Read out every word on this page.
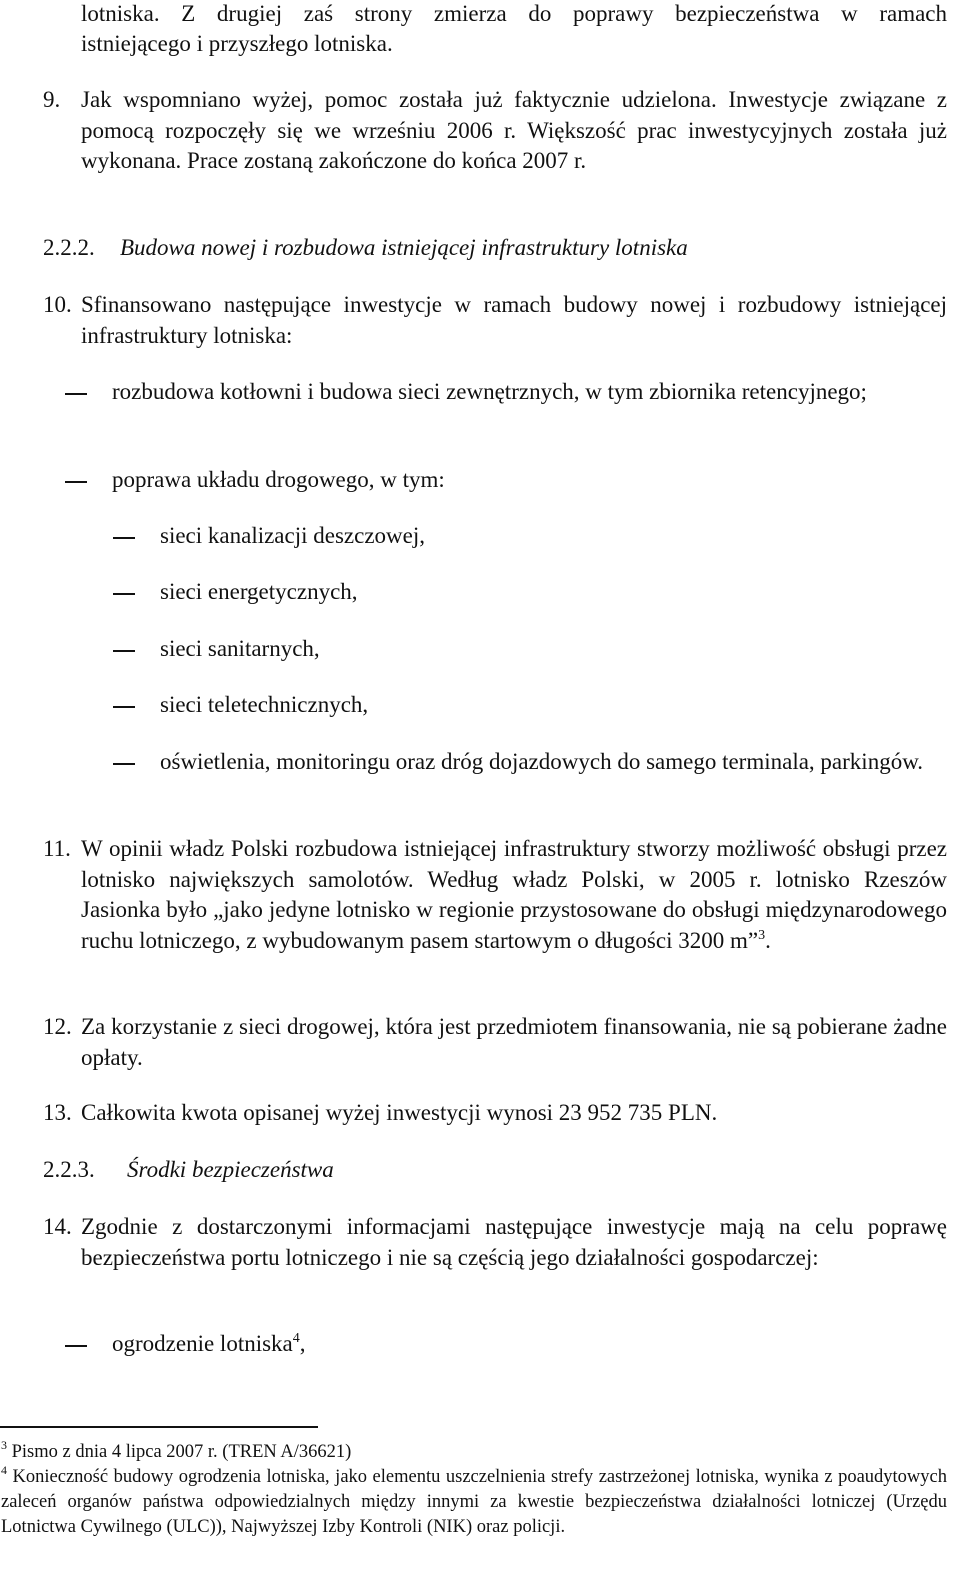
lotniska. Z drugiej zaś strony zmierza do poprawy bezpieczeństwa w ramach
istniejącego i przyszłego lotniska.
9. Jak wspomniano wyżej, pomoc została już faktycznie udzielona. Inwestycje związane z pomocą rozpoczęły się we wrześniu 2006 r. Większość prac inwestycyjnych została już wykonana. Prace zostaną zakończone do końca 2007 r.
2.2.2. Budowa nowej i rozbudowa istniejącej infrastruktury lotniska
10. Sfinansowano następujące inwestycje w ramach budowy nowej i rozbudowy istniejącej infrastruktury lotniska:
rozbudowa kotłowni i budowa sieci zewnętrznych, w tym zbiornika retencyjnego;
poprawa układu drogowego, w tym:
sieci kanalizacji deszczowej,
sieci energetycznych,
sieci sanitarnych,
sieci teletechnicznych,
oświetlenia, monitoringu oraz dróg dojazdowych do samego terminala, parkingów.
11. W opinii władz Polski rozbudowa istniejącej infrastruktury stworzy możliwość obsługi przez lotnisko największych samolotów. Według władz Polski, w 2005 r. lotnisko Rzeszów Jasionka było „jako jedyne lotnisko w regionie przystosowane do obsługi międzynarodowego ruchu lotniczego, z wybudowanym pasem startowym o długości 3200 m”$^3$.
12. Za korzystanie z sieci drogowej, która jest przedmiotem finansowania, nie są pobierane żadne opłaty.
13. Całkowita kwota opisanej wyżej inwestycji wynosi 23 952 735 PLN.
2.2.3. Środki bezpieczeństwa
14. Zgodnie z dostarczonymi informacjami następujące inwestycje mają na celu poprawę bezpieczeństwa portu lotniczego i nie są częścią jego działalności gospodarczej:
ogrodzenie lotniska$^4$,
$^3$ Pismo z dnia 4 lipca 2007 r. (TREN A/36621)
$^4$ Konieczność budowy ogrodzenia lotniska, jako elementu uszczelnienia strefy zastrzeżonej lotniska, wynika z poaudytowych zaleceń organów państwa odpowiedzialnych między innymi za kwestie bezpieczeństwa działalności lotniczej (Urzędu Lotnictwa Cywilnego (ULC)), Najwyższej Izby Kontroli (NIK) oraz policji.
